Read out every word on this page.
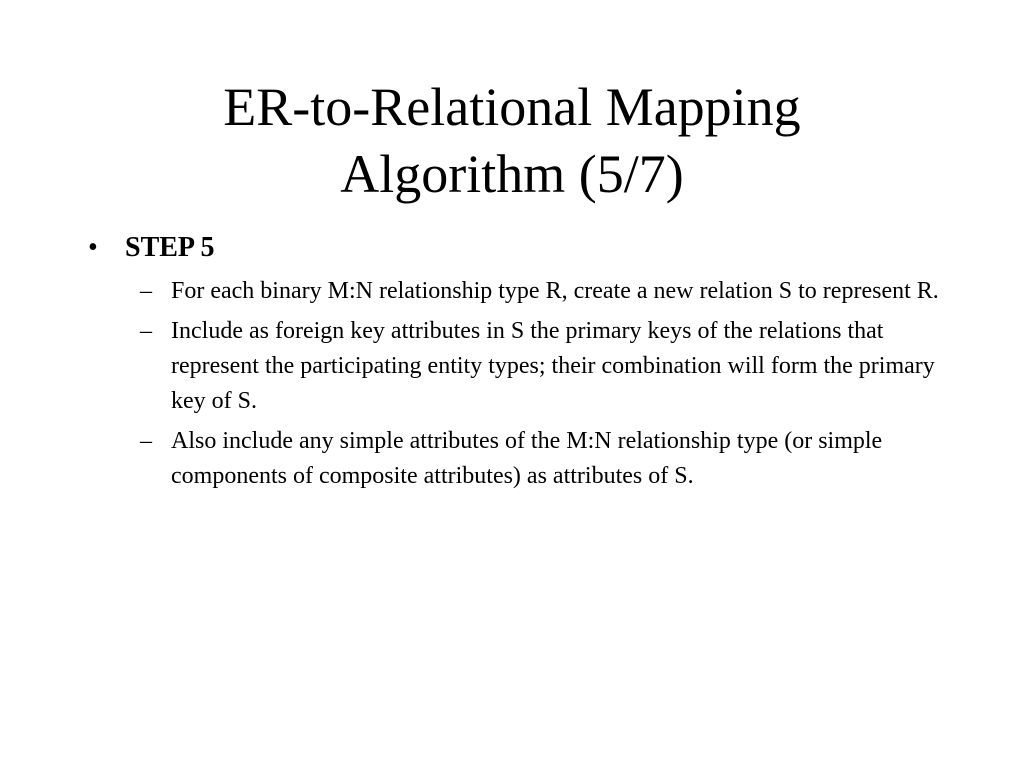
ER-to-Relational Mapping
Algorithm (5/7)
• STEP 5
– For each binary M:N relationship type R, create a new relation S to represent R.
– Include as foreign key attributes in S the primary keys of the relations that represent the participating entity types; their combination will form the primary key of S.
– Also include any simple attributes of the M:N relationship type (or simple components of composite attributes) as attributes of S.
